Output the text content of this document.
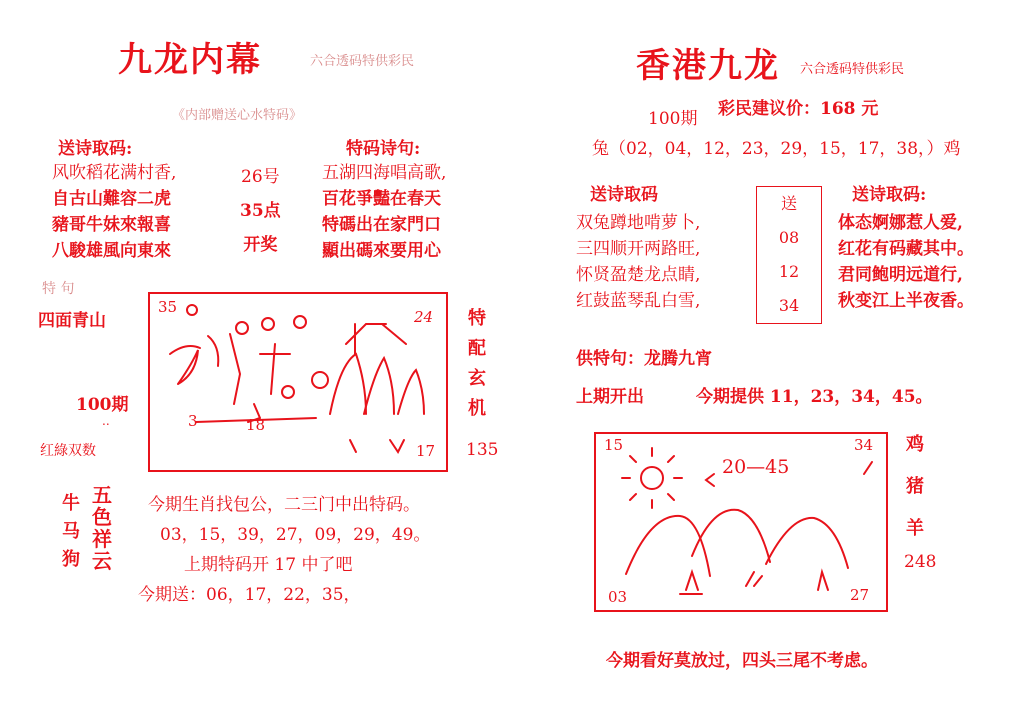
九龙内幕	六合透码特供彩民
《内部赠送心水特码》
送诗取码:	特码诗句:
风吹稻花满村香,
自古山難容二虎
豬哥牛妹來報喜
八駿雄風向東來
26号
35点
开奖
五湖四海唱高歌,
百花爭豔在春天
特碼出在家門口
顯出碼來要用心
特 句
四面青山
100期
..
红綠双数
35
24
3	18
17
特
配
玄
机
135
牛
马
狗
五
色
祥
云
今期生肖找包公，二三门中出特码。
03，15，39，27，09，29，49。
上期特码开 17 中了吧
今期送：06，17，22，35，
香港九龙 六合透码特供彩民
100期 彩民建议价：168 元
兔（02，04，12，23，29，15，17，38，）鸡
送诗取码	送诗取码:
双兔蹲地啃萝卜,
三四顺开两路旺,
怀贤盈楚龙点睛,
红鼓蓝琴乱白雪,
送
08
12
34
体态婀娜惹人爱,
红花有码藏其中。
君同鲍明远道行,
秋变江上半夜香。
供特句：龙腾九宵
上期开出	今期提供 11，23，34，45。
15	34
20—45
03	27
鸡
猪
羊
248
今期看好莫放过，四头三尾不考虑。
